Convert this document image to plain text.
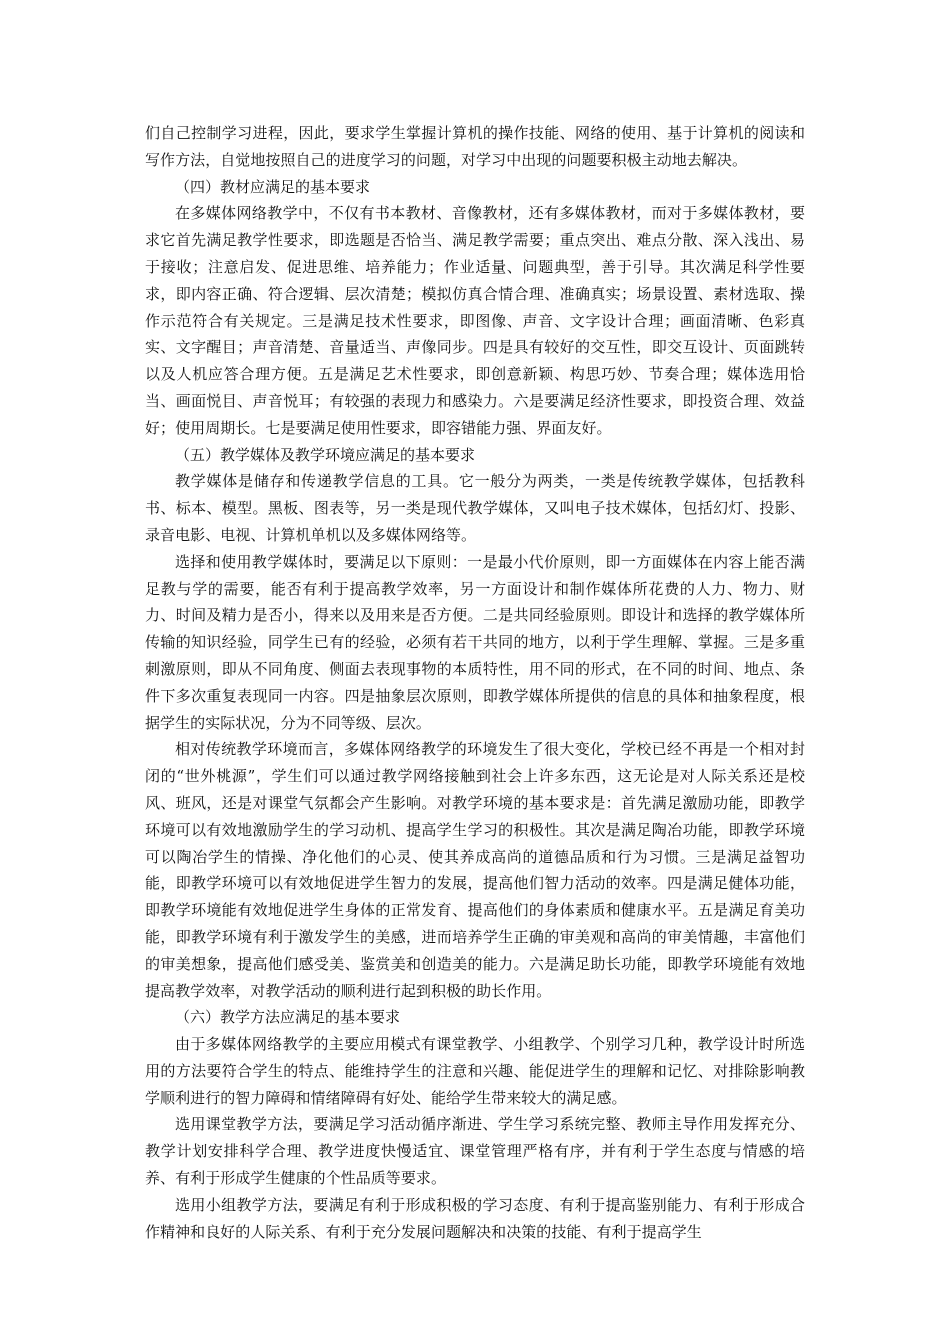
们自己控制学习进程，因此，要求学生掌握计算机的操作技能、网络的使用、基于计算机的阅读和写作方法，自觉地按照自己的进度学习的问题，对学习中出现的问题要积极主动地去解决。

（四）教材应满足的基本要求

在多媒体网络教学中，不仅有书本教材、音像教材，还有多媒体教材，而对于多媒体教材，要求它首先满足教学性要求，即选题是否恰当、满足教学需要；重点突出、难点分散、深入浅出、易于接收；注意启发、促进思维、培养能力；作业适量、问题典型，善于引导。其次满足科学性要求，即内容正确、符合逻辑、层次清楚；模拟仿真合情合理、准确真实；场景设置、素材选取、操作示范符合有关规定。三是满足技术性要求，即图像、声音、文字设计合理；画面清晰、色彩真实、文字醒目；声音清楚、音量适当、声像同步。四是具有较好的交互性，即交互设计、页面跳转以及人机应答合理方便。五是满足艺术性要求，即创意新颖、构思巧妙、节奏合理；媒体选用恰当、画面悦目、声音悦耳；有较强的表现力和感染力。六是要满足经济性要求，即投资合理、效益好；使用周期长。七是要满足使用性要求，即容错能力强、界面友好。

（五）教学媒体及教学环境应满足的基本要求

教学媒体是储存和传递教学信息的工具。它一般分为两类，一类是传统教学媒体，包括教科书、标本、模型。黑板、图表等，另一类是现代教学媒体，又叫电子技术媒体，包括幻灯、投影、录音电影、电视、计算机单机以及多媒体网络等。

选择和使用教学媒体时，要满足以下原则：一是最小代价原则，即一方面媒体在内容上能否满足教与学的需要，能否有利于提高教学效率，另一方面设计和制作媒体所花费的人力、物力、财力、时间及精力是否小，得来以及用来是否方便。二是共同经验原则。即设计和选择的教学媒体所传输的知识经验，同学生已有的经验，必须有若干共同的地方，以利于学生理解、掌握。三是多重刺激原则，即从不同角度、侧面去表现事物的本质特性，用不同的形式，在不同的时间、地点、条件下多次重复表现同一内容。四是抽象层次原则，即教学媒体所提供的信息的具体和抽象程度，根据学生的实际状况，分为不同等级、层次。

相对传统教学环境而言，多媒体网络教学的环境发生了很大变化，学校已经不再是一个相对封闭的“世外桃源”，学生们可以通过教学网络接触到社会上许多东西，这无论是对人际关系还是校风、班风，还是对课堂气氛都会产生影响。对教学环境的基本要求是：首先满足激励功能，即教学环境可以有效地激励学生的学习动机、提高学生学习的积极性。其次是满足陶冶功能，即教学环境可以陶冶学生的情操、净化他们的心灵、使其养成高尚的道德品质和行为习惯。三是满足益智功能，即教学环境可以有效地促进学生智力的发展，提高他们智力活动的效率。四是满足健体功能，即教学环境能有效地促进学生身体的正常发育、提高他们的身体素质和健康水平。五是满足育美功能，即教学环境有利于激发学生的美感，进而培养学生正确的审美观和高尚的审美情趣，丰富他们的审美想象，提高他们感受美、鉴赏美和创造美的能力。六是满足助长功能，即教学环境能有效地提高教学效率，对教学活动的顺利进行起到积极的助长作用。

（六）教学方法应满足的基本要求

由于多媒体网络教学的主要应用模式有课堂教学、小组教学、个别学习几种，教学设计时所选用的方法要符合学生的特点、能维持学生的注意和兴趣、能促进学生的理解和记忆、对排除影响教学顺利进行的智力障碍和情绪障碍有好处、能给学生带来较大的满足感。

选用课堂教学方法，要满足学习活动循序渐进、学生学习系统完整、教师主导作用发挥充分、教学计划安排科学合理、教学进度快慢适宜、课堂管理严格有序，并有利于学生态度与情感的培养、有利于形成学生健康的个性品质等要求。

选用小组教学方法，要满足有利于形成积极的学习态度、有利于提高鉴别能力、有利于形成合作精神和良好的人际关系、有利于充分发展问题解决和决策的技能、有利于提高学生
